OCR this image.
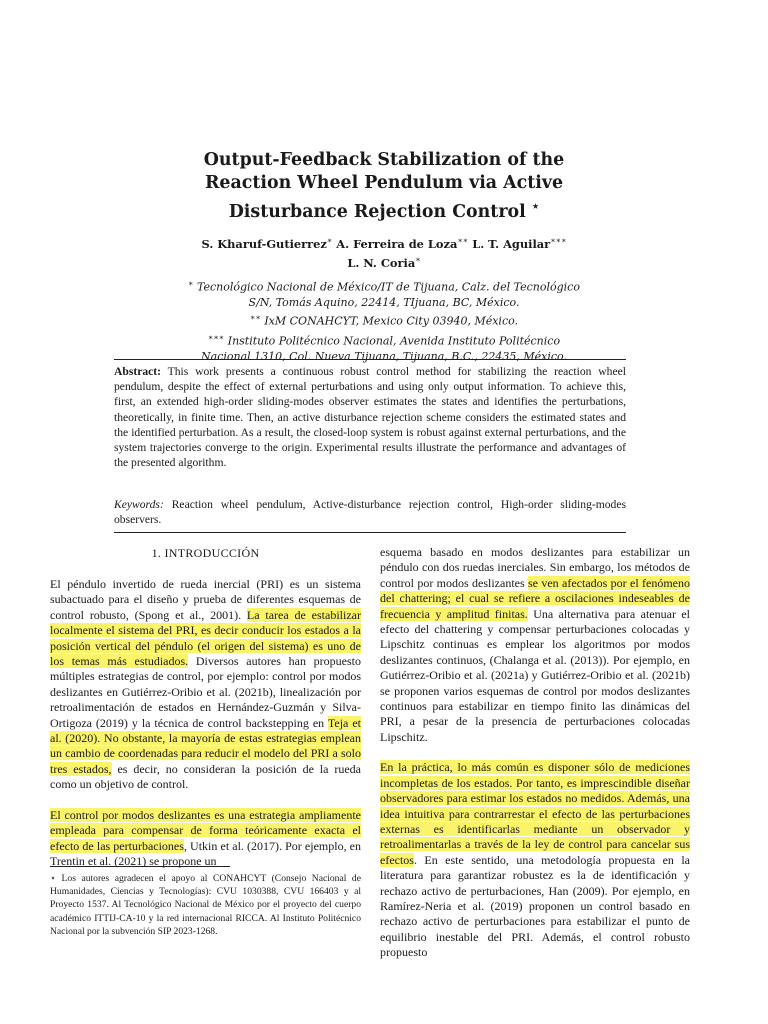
Output-Feedback Stabilization of the
Reaction Wheel Pendulum via Active
Disturbance Rejection Control ⋆
S. Kharuf-Gutierrez∗ A. Ferreira de Loza∗∗ L. T. Aguilar∗∗∗
L. N. Coria∗
∗ Tecnológico Nacional de México/IT de Tijuana, Calz. del Tecnológico
S/N, Tomás Aquino, 22414, TIjuana, BC, México.
∗∗ IxM CONAHCYT, Mexico City 03940, México.
∗∗∗ Instituto Politécnico Nacional, Avenida Instituto Politécnico
Nacional 1310, Col. Nueva Tijuana, Tijuana, B.C., 22435, México.
Abstract: This work presents a continuous robust control method for stabilizing the reaction wheel pendulum, despite the effect of external perturbations and using only output information. To achieve this, first, an extended high-order sliding-modes observer estimates the states and identifies the perturbations, theoretically, in finite time. Then, an active disturbance rejection scheme considers the estimated states and the identified perturbation. As a result, the closed-loop system is robust against external perturbations, and the system trajectories converge to the origin. Experimental results illustrate the performance and advantages of the presented algorithm.
Keywords: Reaction wheel pendulum, Active-disturbance rejection control, High-order sliding-modes observers.
1. INTRODUCCIÓN

El péndulo invertido de rueda inercial (PRI) es un sistema subactuado para el diseño y prueba de diferentes esquemas de control robusto, (Spong et al., 2001). La tarea de estabilizar localmente el sistema del PRI, es decir conducir los estados a la posición vertical del péndulo (el origen del sistema) es uno de los temas más estudiados. Diversos autores han propuesto múltiples estrategias de control, por ejemplo: control por modos deslizantes en Gutiérrez-Oribio et al. (2021b), linealización por retroalimentación de estados en Hernández-Guzmán y Silva-Ortigoza (2019) y la técnica de control backstepping en Teja et al. (2020). No obstante, la mayoría de estas estrategias emplean un cambio de coordenadas para reducir el modelo del PRI a solo tres estados, es decir, no consideran la posición de la rueda como un objetivo de control.

El control por modos deslizantes es una estrategia ampliamente empleada para compensar de forma teóricamente exacta el efecto de las perturbaciones, Utkin et al. (2017). Por ejemplo, en Trentin et al. (2021) se propone un

⋆ Los autores agradecen el apoyo al CONAHCYT (Consejo Nacional de Humanidades, Ciencias y Tecnologías): CVU 1030388, CVU 166403 y al Proyecto 1537. Al Tecnológico Nacional de México por el proyecto del cuerpo académico ITTIJ-CA-10 y la red internacional RICCA. Al Instituto Politécnico Nacional por la subvención SIP 2023-1268.

esquema basado en modos deslizantes para estabilizar un péndulo con dos ruedas inerciales. Sin embargo, los métodos de control por modos deslizantes se ven afectados por el fenómeno del chattering; el cual se refiere a oscilaciones indeseables de frecuencia y amplitud finitas. Una alternativa para atenuar el efecto del chattering y compensar perturbaciones colocadas y Lipschitz continuas es emplear los algoritmos por modos deslizantes continuos, (Chalanga et al. (2013)). Por ejemplo, en Gutiérrez-Oribio et al. (2021a) y Gutiérrez-Oribio et al. (2021b) se proponen varios esquemas de control por modos deslizantes continuos para estabilizar en tiempo finito las dinámicas del PRI, a pesar de la presencia de perturbaciones colocadas Lipschitz.

En la práctica, lo más común es disponer sólo de mediciones incompletas de los estados. Por tanto, es imprescindible diseñar observadores para estimar los estados no medidos. Además, una idea intuitiva para contrarrestar el efecto de las perturbaciones externas es identificarlas mediante un observador y retroalimentarlas a través de la ley de control para cancelar sus efectos. En este sentido, una metodología propuesta en la literatura para garantizar robustez es la de identificación y rechazo activo de perturbaciones, Han (2009). Por ejemplo, en Ramírez-Neria et al. (2019) proponen un control basado en rechazo activo de perturbaciones para estabilizar el punto de equilibrio inestable del PRI. Además, el control robusto propuesto
